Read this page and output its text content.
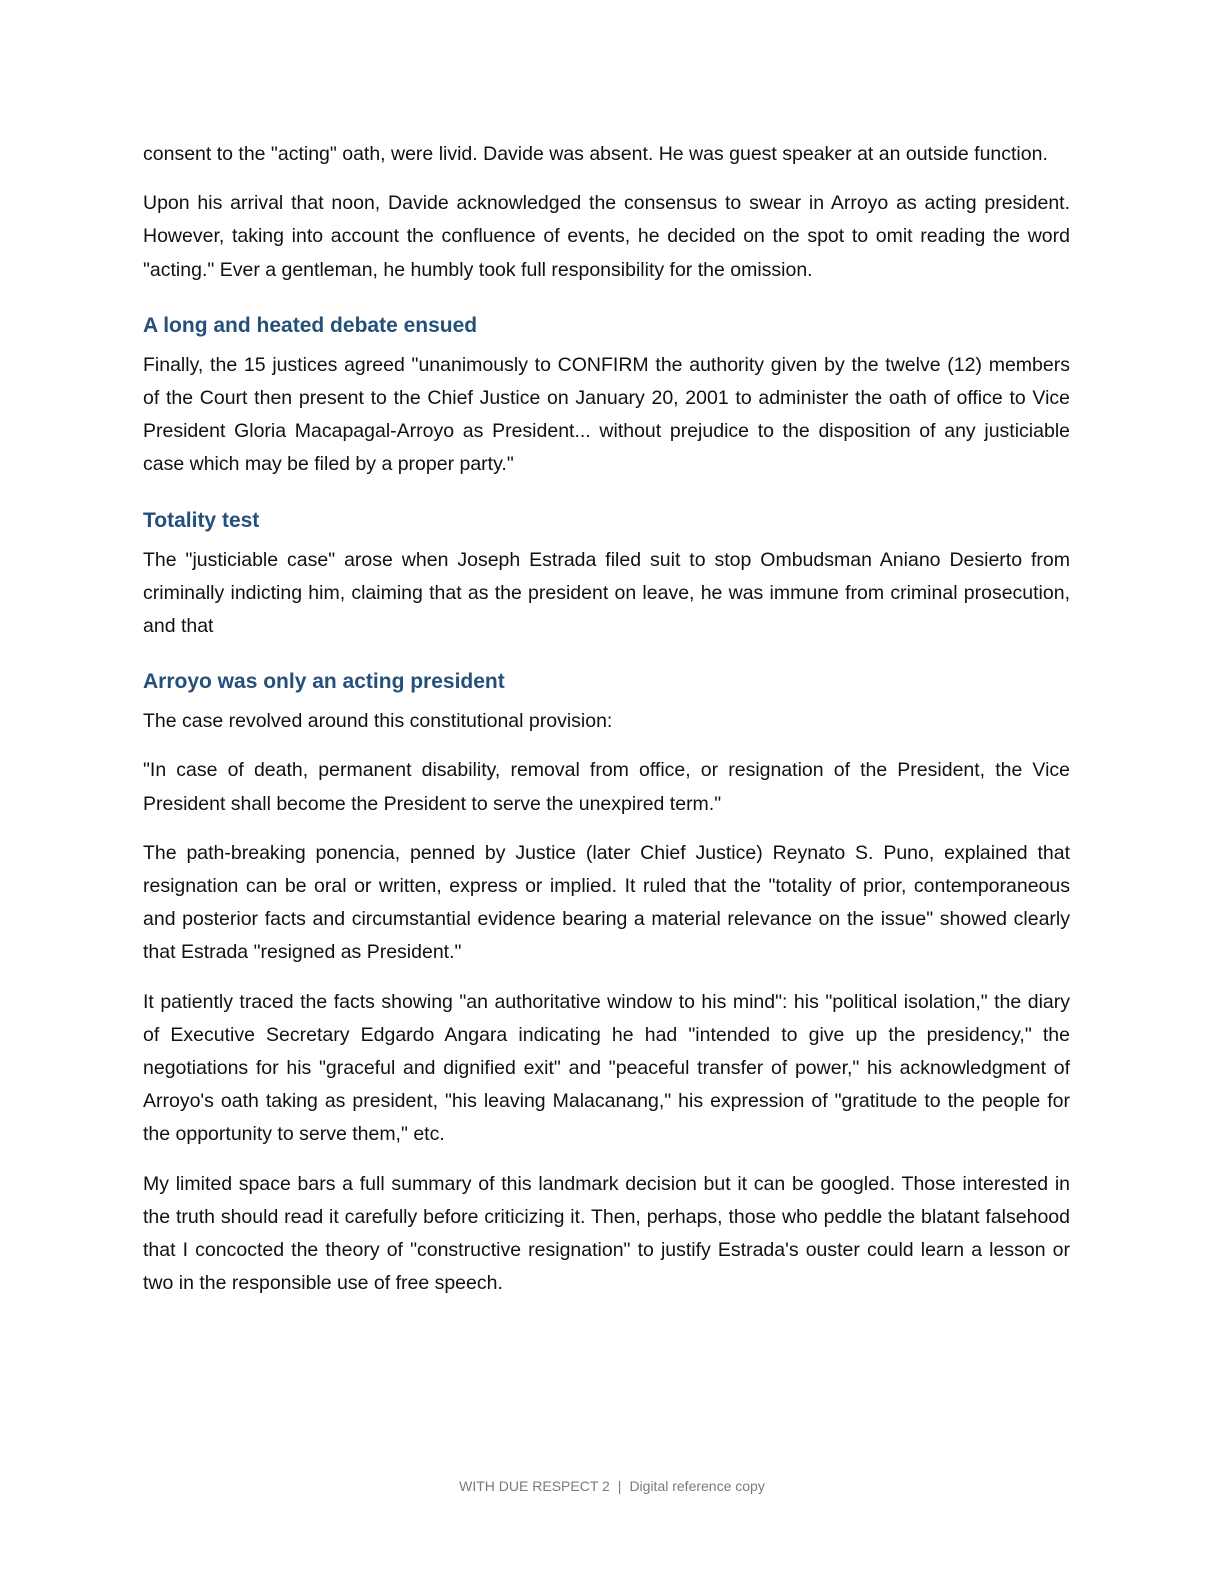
consent to the "acting" oath, were livid. Davide was absent. He was guest speaker at an outside function.

Upon his arrival that noon, Davide acknowledged the consensus to swear in Arroyo as acting president. However, taking into account the confluence of events, he decided on the spot to omit reading the word "acting." Ever a gentleman, he humbly took full responsibility for the omission.

A long and heated debate ensued

Finally, the 15 justices agreed "unanimously to CONFIRM the authority given by the twelve (12) members of the Court then present to the Chief Justice on January 20, 2001 to administer the oath of office to Vice President Gloria Macapagal-Arroyo as President... without prejudice to the disposition of any justiciable case which may be filed by a proper party."

Totality test

The "justiciable case" arose when Joseph Estrada filed suit to stop Ombudsman Aniano Desierto from criminally indicting him, claiming that as the president on leave, he was immune from criminal prosecution, and that

Arroyo was only an acting president

The case revolved around this constitutional provision:

"In case of death, permanent disability, removal from office, or resignation of the President, the Vice President shall become the President to serve the unexpired term."

The path-breaking ponencia, penned by Justice (later Chief Justice) Reynato S. Puno, explained that resignation can be oral or written, express or implied. It ruled that the "totality of prior, contemporaneous and posterior facts and circumstantial evidence bearing a material relevance on the issue" showed clearly that Estrada "resigned as President."

It patiently traced the facts showing "an authoritative window to his mind": his "political isolation," the diary of Executive Secretary Edgardo Angara indicating he had "intended to give up the presidency," the negotiations for his "graceful and dignified exit" and "peaceful transfer of power," his acknowledgment of Arroyo's oath taking as president, "his leaving Malacanang," his expression of "gratitude to the people for the opportunity to serve them," etc.

My limited space bars a full summary of this landmark decision but it can be googled. Those interested in the truth should read it carefully before criticizing it. Then, perhaps, those who peddle the blatant falsehood that I concocted the theory of "constructive resignation" to justify Estrada's ouster could learn a lesson or two in the responsible use of free speech.

WITH DUE RESPECT 2 | Digital reference copy
